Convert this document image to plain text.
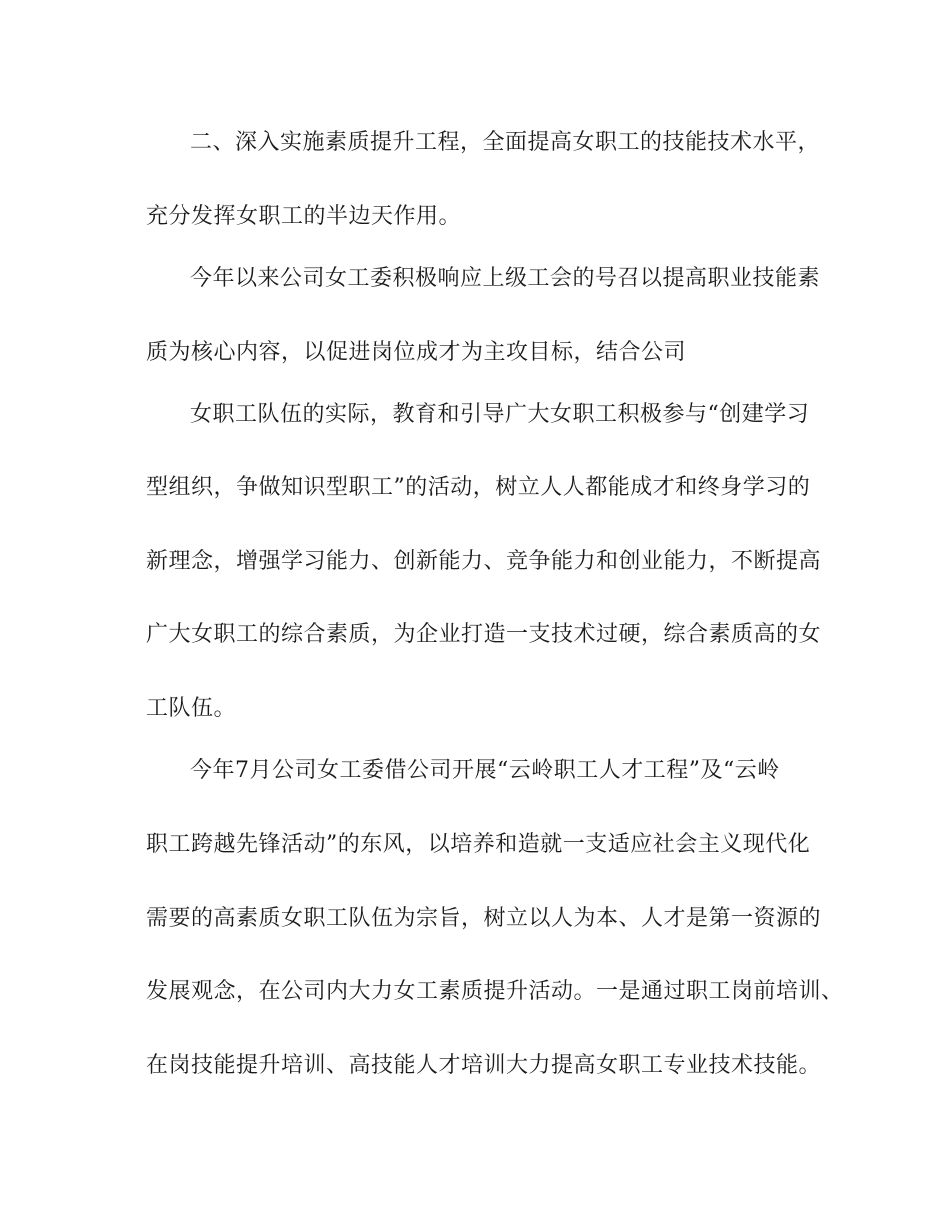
二、深入实施素质提升工程，全面提高女职工的技能技术水平，
充分发挥女职工的半边天作用。
今年以来公司女工委积极响应上级工会的号召以提高职业技能素
质为核心内容，以促进岗位成才为主攻目标，结合公司
女职工队伍的实际，教育和引导广大女职工积极参与“创建学习
型组织，争做知识型职工”的活动，树立人人都能成才和终身学习的
新理念，增强学习能力、创新能力、竞争能力和创业能力，不断提高
广大女职工的综合素质，为企业打造一支技术过硬，综合素质高的女
工队伍。
今年7月公司女工委借公司开展“云岭职工人才工程”及“云岭
职工跨越先锋活动”的东风，以培养和造就一支适应社会主义现代化
需要的高素质女职工队伍为宗旨，树立以人为本、人才是第一资源的
发展观念，在公司内大力女工素质提升活动。一是通过职工岗前培训、
在岗技能提升培训、高技能人才培训大力提高女职工专业技术技能。
